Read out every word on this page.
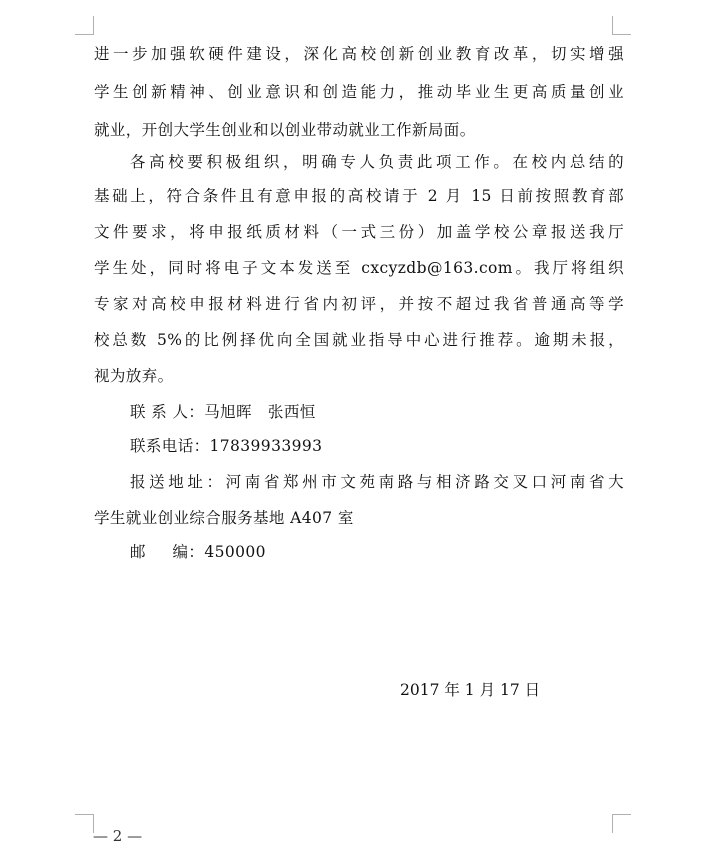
进一步加强软硬件建设，深化高校创新创业教育改革，切实增强
学生创新精神、创业意识和创造能力，推动毕业生更高质量创业
就业，开创大学生创业和以创业带动就业工作新局面。
各高校要积极组织，明确专人负责此项工作。在校内总结的
基础上，符合条件且有意申报的高校请于 2 月 15 日前按照教育部
文件要求，将申报纸质材料（一式三份）加盖学校公章报送我厅
学生处，同时将电子文本发送至 cxcyzdb@163.com。我厅将组织
专家对高校申报材料进行省内初评，并按不超过我省普通高等学
校总数 5%的比例择优向全国就业指导中心进行推荐。逾期未报，
视为放弃。
联 系 人：马旭晖   张西恒
联系电话：17839933993
报送地址：河南省郑州市文苑南路与相济路交叉口河南省大
学生就业创业综合服务基地 A407 室
邮     编：450000
2017 年 1 月 17 日
— 2 —
